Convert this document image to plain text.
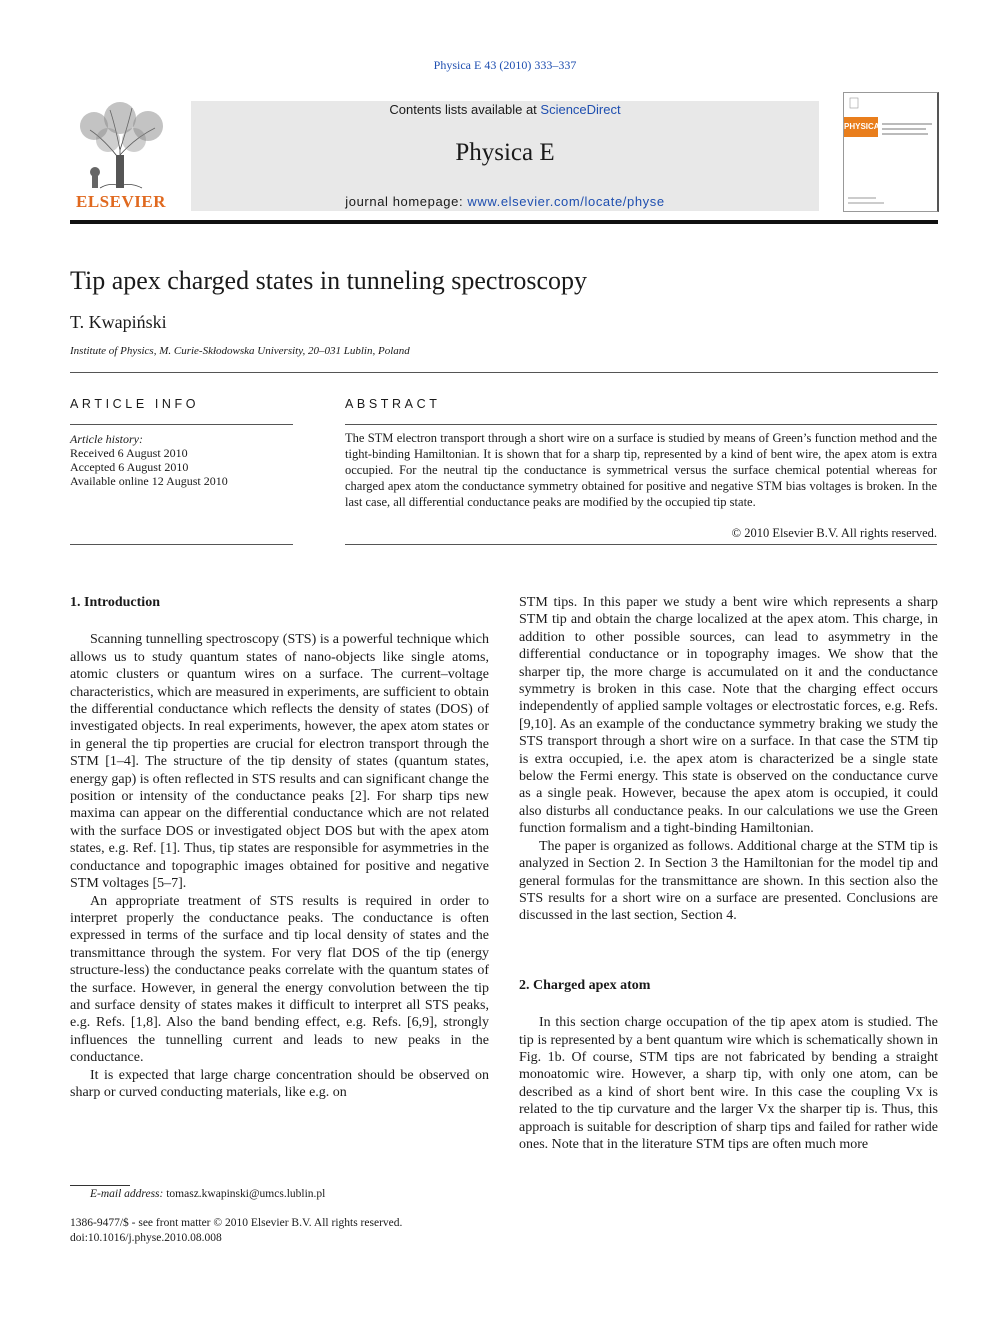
Physica E 43 (2010) 333–337
ELSEVIER
Contents lists available at ScienceDirect
Physica E
journal homepage: www.elsevier.com/locate/physe
PHYSICA
Tip apex charged states in tunneling spectroscopy
T. Kwapiński
Institute of Physics, M. Curie-Skłodowska University, 20–031 Lublin, Poland
ARTICLE INFO
Article history:
Received 6 August 2010
Accepted 6 August 2010
Available online 12 August 2010
ABSTRACT
The STM electron transport through a short wire on a surface is studied by means of Green’s function method and the tight-binding Hamiltonian. It is shown that for a sharp tip, represented by a kind of bent wire, the apex atom is extra occupied. For the neutral tip the conductance is symmetrical versus the surface chemical potential whereas for charged apex atom the conductance symmetry obtained for positive and negative STM bias voltages is broken. In the last case, all differential conductance peaks are modified by the occupied tip state.
© 2010 Elsevier B.V. All rights reserved.
1. Introduction

Scanning tunnelling spectroscopy (STS) is a powerful technique which allows us to study quantum states of nano-objects like single atoms, atomic clusters or quantum wires on a surface. The current–voltage characteristics, which are measured in experiments, are sufficient to obtain the differential conductance which reflects the density of states (DOS) of investigated objects. In real experiments, however, the apex atom states or in general the tip properties are crucial for electron transport through the STM [1–4]. The structure of the tip density of states (quantum states, energy gap) is often reflected in STS results and can significant change the position or intensity of the conductance peaks [2]. For sharp tips new maxima can appear on the differential conductance which are not related with the surface DOS or investigated object DOS but with the apex atom states, e.g. Ref. [1]. Thus, tip states are responsible for asymmetries in the conductance and topographic images obtained for positive and negative STM voltages [5–7].

An appropriate treatment of STS results is required in order to interpret properly the conductance peaks. The conductance is often expressed in terms of the surface and tip local density of states and the transmittance through the system. For very flat DOS of the tip (energy structure-less) the conductance peaks correlate with the quantum states of the surface. However, in general the energy convolution between the tip and surface density of states makes it difficult to interpret all STS peaks, e.g. Refs. [1,8]. Also the band bending effect, e.g. Refs. [6,9], strongly influences the tunnelling current and leads to new peaks in the conductance.

It is expected that large charge concentration should be observed on sharp or curved conducting materials, like e.g. on

STM tips. In this paper we study a bent wire which represents a sharp STM tip and obtain the charge localized at the apex atom. This charge, in addition to other possible sources, can lead to asymmetry in the differential conductance or in topography images. We show that the sharper tip, the more charge is accumulated on it and the conductance symmetry is broken in this case. Note that the charging effect occurs independently of applied sample voltages or electrostatic forces, e.g. Refs. [9,10]. As an example of the conductance symmetry braking we study the STS transport through a short wire on a surface. In that case the STM tip is extra occupied, i.e. the apex atom is characterized be a single state below the Fermi energy. This state is observed on the conductance curve as a single peak. However, because the apex atom is occupied, it could also disturbs all conductance peaks. In our calculations we use the Green function formalism and a tight-binding Hamiltonian.

The paper is organized as follows. Additional charge at the STM tip is analyzed in Section 2. In Section 3 the Hamiltonian for the model tip and general formulas for the transmittance are shown. In this section also the STS results for a short wire on a surface are presented. Conclusions are discussed in the last section, Section 4.

2. Charged apex atom

In this section charge occupation of the tip apex atom is studied. The tip is represented by a bent quantum wire which is schematically shown in Fig. 1b. Of course, STM tips are not fabricated by bending a straight monoatomic wire. However, a sharp tip, with only one atom, can be described as a kind of short bent wire. In this case the coupling Vx is related to the tip curvature and the larger Vx the sharper tip is. Thus, this approach is suitable for description of sharp tips and failed for rather wide ones. Note that in the literature STM tips are often much more

E-mail address: tomasz.kwapinski@umcs.lublin.pl
1386-9477/$ - see front matter © 2010 Elsevier B.V. All rights reserved.
doi:10.1016/j.physe.2010.08.008
